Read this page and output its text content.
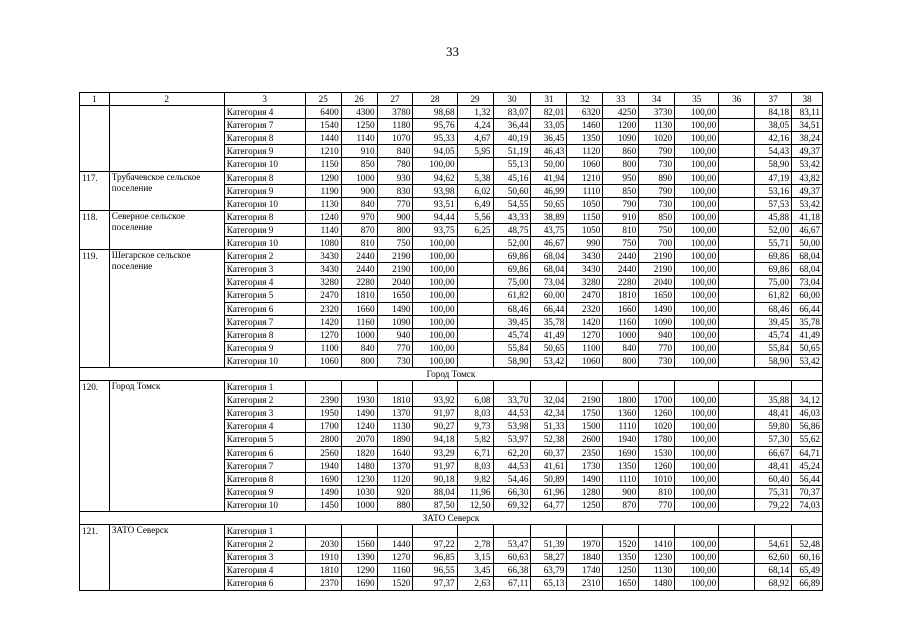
33
1	2	3	25	26	27	28	29	30	31	32	33	34	35	36	37	38
		Категория 4	6400	4300	3780	98,68	1,32	83,07	82,01	6320	4250	3730	100,00		84,18	83,11
		Категория 7	1540	1250	1180	95,76	4,24	36,44	33,05	1460	1200	1130	100,00		38,05	34,51
		Категория 8	1440	1140	1070	95,33	4,67	40,19	36,45	1350	1090	1020	100,00		42,16	38,24
		Категория 9	1210	910	840	94,05	5,95	51,19	46,43	1120	860	790	100,00		54,43	49,37
		Категория 10	1150	850	780	100,00		55,13	50,00	1060	800	730	100,00		58,90	53,42
117.	Трубачевское сельское поселение	Категория 8	1290	1000	930	94,62	5,38	45,16	41,94	1210	950	890	100,00		47,19	43,82
		Категория 9	1190	900	830	93,98	6,02	50,60	46,99	1110	850	790	100,00		53,16	49,37
		Категория 10	1130	840	770	93,51	6,49	54,55	50,65	1050	790	730	100,00		57,53	53,42
118.	Северное сельское поселение	Категория 8	1240	970	900	94,44	5,56	43,33	38,89	1150	910	850	100,00		45,88	41,18
		Категория 9	1140	870	800	93,75	6,25	48,75	43,75	1050	810	750	100,00		52,00	46,67
		Категория 10	1080	810	750	100,00		52,00	46,67	990	750	700	100,00		55,71	50,00
119.	Шегарское сельское поселение	Категория 2	3430	2440	2190	100,00		69,86	68,04	3430	2440	2190	100,00		69,86	68,04
		Категория 3	3430	2440	2190	100,00		69,86	68,04	3430	2440	2190	100,00		69,86	68,04
		Категория 4	3280	2280	2040	100,00		75,00	73,04	3280	2280	2040	100,00		75,00	73,04
		Категория 5	2470	1810	1650	100,00		61,82	60,00	2470	1810	1650	100,00		61,82	60,00
		Категория 6	2320	1660	1490	100,00		68,46	66,44	2320	1660	1490	100,00		68,46	66,44
		Категория 7	1420	1160	1090	100,00		39,45	35,78	1420	1160	1090	100,00		39,45	35,78
		Категория 8	1270	1000	940	100,00		45,74	41,49	1270	1000	940	100,00		45,74	41,49
		Категория 9	1100	840	770	100,00		55,84	50,65	1100	840	770	100,00		55,84	50,65
		Категория 10	1060	800	730	100,00		58,90	53,42	1060	800	730	100,00		58,90	53,42
Город Томск																
120.	Город Томск	Категория 1														
		Категория 2	2390	1930	1810	93,92	6,08	33,70	32,04	2190	1800	1700	100,00		35,88	34,12
		Категория 3	1950	1490	1370	91,97	8,03	44,53	42,34	1750	1360	1260	100,00		48,41	46,03
		Категория 4	1700	1240	1130	90,27	9,73	53,98	51,33	1500	1110	1020	100,00		59,80	56,86
		Категория 5	2800	2070	1890	94,18	5,82	53,97	52,38	2600	1940	1780	100,00		57,30	55,62
		Категория 6	2560	1820	1640	93,29	6,71	62,20	60,37	2350	1690	1530	100,00		66,67	64,71
		Категория 7	1940	1480	1370	91,97	8,03	44,53	41,61	1730	1350	1260	100,00		48,41	45,24
		Категория 8	1690	1230	1120	90,18	9,82	54,46	50,89	1490	1110	1010	100,00		60,40	56,44
		Категория 9	1490	1030	920	88,04	11,96	66,30	61,96	1280	900	810	100,00		75,31	70,37
		Категория 10	1450	1000	880	87,50	12,50	69,32	64,77	1250	870	770	100,00		79,22	74,03
ЗАТО Северск																
121.	ЗАТО Северск	Категория 1														
		Категория 2	2030	1560	1440	97,22	2,78	53,47	51,39	1970	1520	1410	100,00		54,61	52,48
		Категория 3	1910	1390	1270	96,85	3,15	60,63	58,27	1840	1350	1230	100,00		62,60	60,16
		Категория 4	1810	1290	1160	96,55	3,45	66,38	63,79	1740	1250	1130	100,00		68,14	65,49
		Категория 6	2370	1690	1520	97,37	2,63	67,11	65,13	2310	1650	1480	100,00		68,92	66,89
